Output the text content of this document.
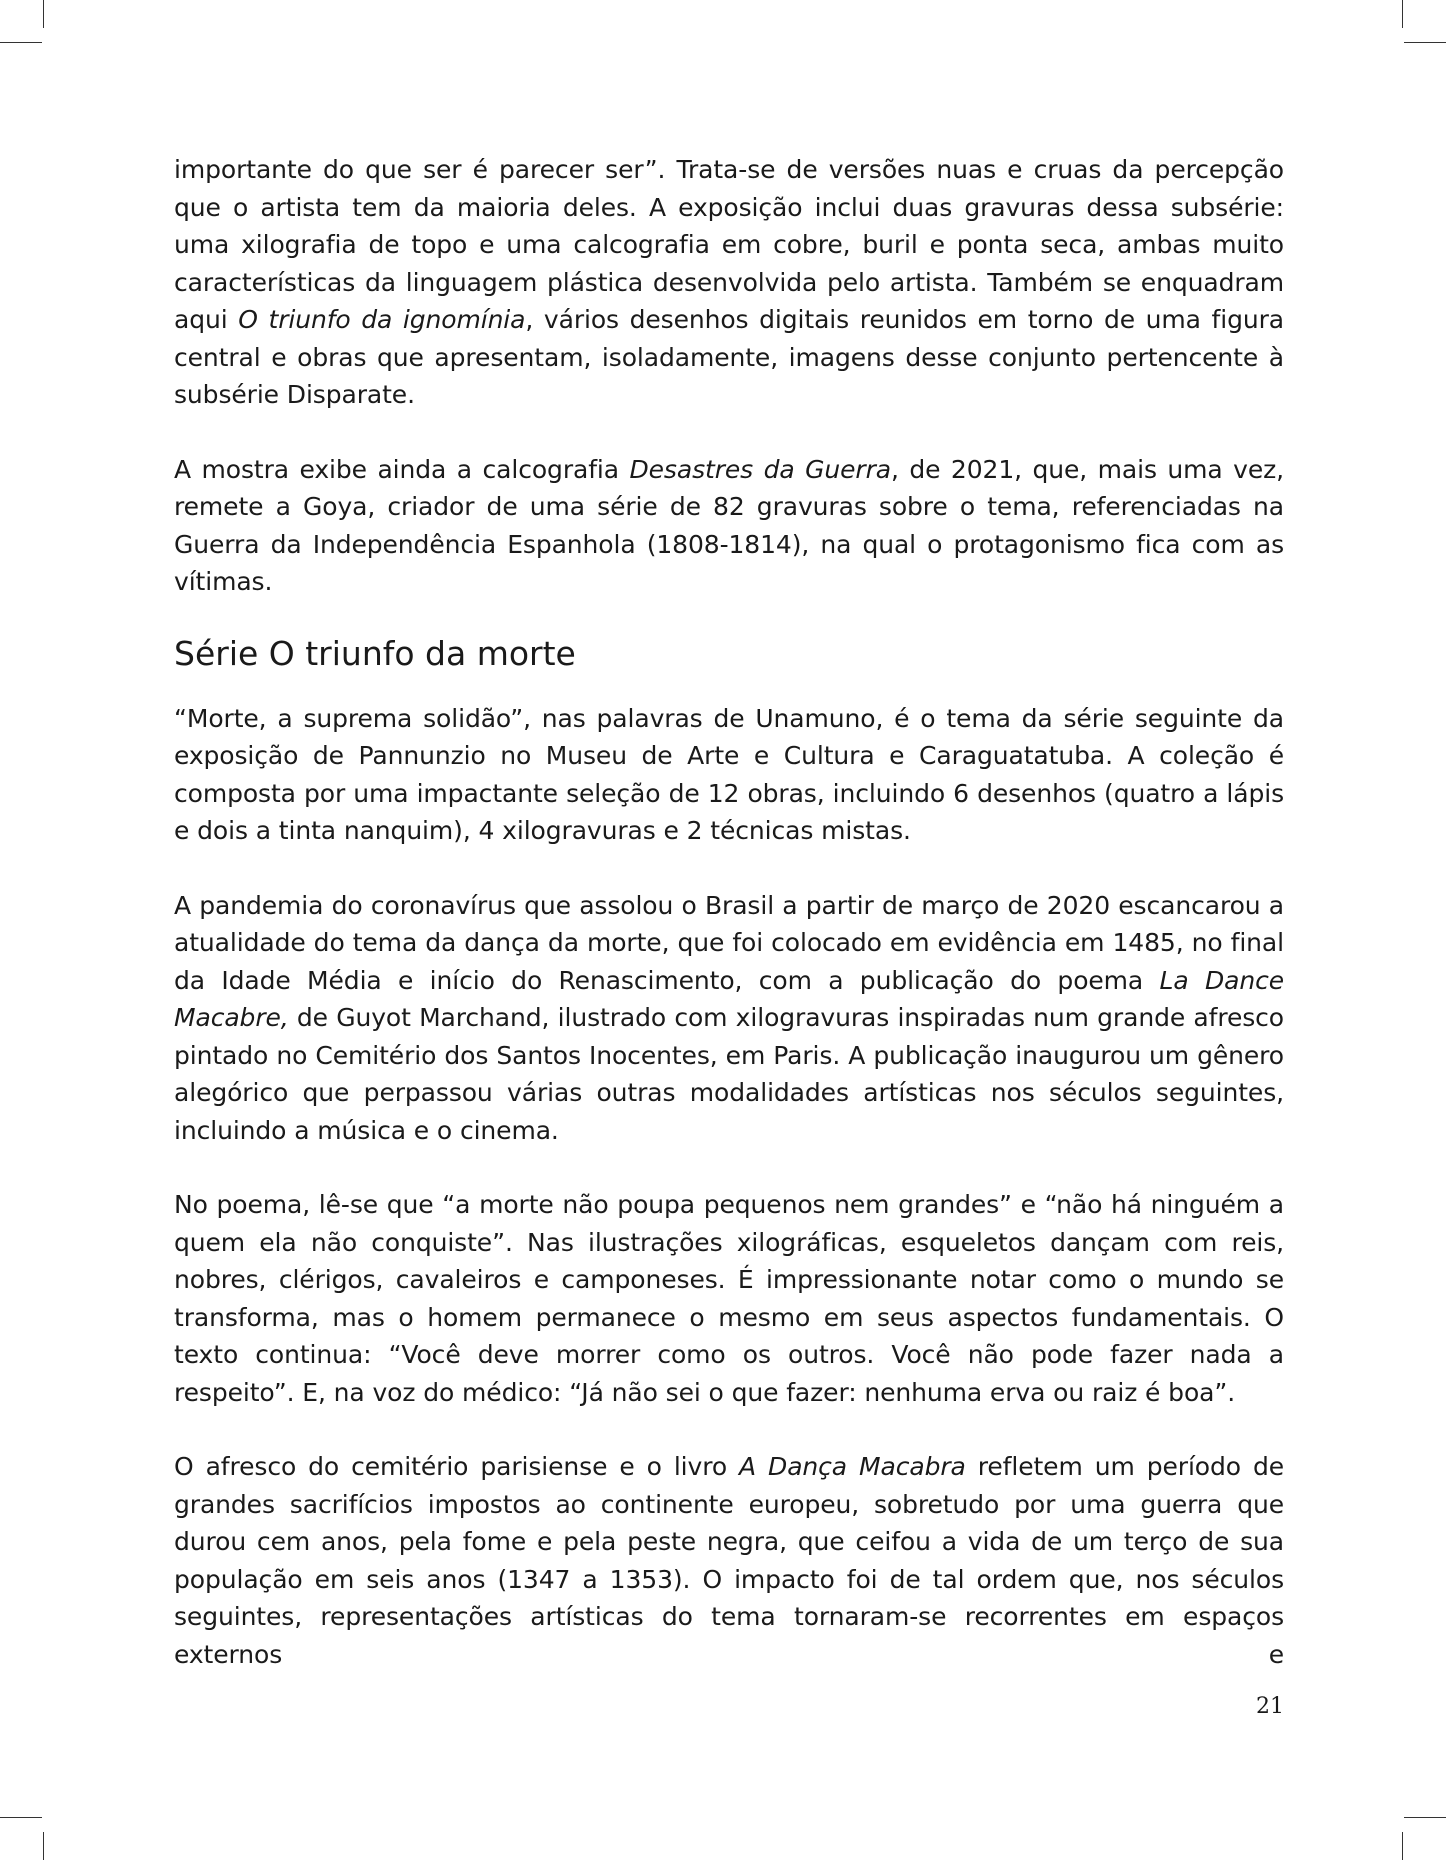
importante do que ser é parecer ser”. Trata-se de versões nuas e cruas da percepção que o artista tem da maioria deles. A exposição inclui duas gravuras dessa subsérie: uma xilografia de topo e uma calcografia em cobre, buril e ponta seca, ambas muito características da linguagem plástica desenvolvida pelo artista. Também se enquadram aqui O triunfo da ignomínia, vários desenhos digitais reunidos em torno de uma figura central e obras que apresentam, isoladamente, imagens desse conjunto pertencente à subsérie Disparate.

A mostra exibe ainda a calcografia Desastres da Guerra, de 2021, que, mais uma vez, remete a Goya, criador de uma série de 82 gravuras sobre o tema, referenciadas na Guerra da Independência Espanhola (1808-1814), na qual o protagonismo fica com as vítimas.

Série O triunfo da morte

“Morte, a suprema solidão”, nas palavras de Unamuno, é o tema da série seguinte da exposição de Pannunzio no Museu de Arte e Cultura e Caraguatatuba. A coleção é composta por uma impactante seleção de 12 obras, incluindo 6 desenhos (quatro a lápis e dois a tinta nanquim), 4 xilogravuras e 2 técnicas mistas.

A pandemia do coronavírus que assolou o Brasil a partir de março de 2020 escancarou a atualidade do tema da dança da morte, que foi colocado em evidência em 1485, no final da Idade Média e início do Renascimento, com a publicação do poema La Dance Macabre, de Guyot Marchand, ilustrado com xilogravuras inspiradas num grande afresco pintado no Cemitério dos Santos Inocentes, em Paris. A publicação inaugurou um gênero alegórico que perpassou várias outras modalidades artísticas nos séculos seguintes, incluindo a música e o cinema.

No poema, lê-se que “a morte não poupa pequenos nem grandes” e “não há ninguém a quem ela não conquiste”. Nas ilustrações xilográficas, esqueletos dançam com reis, nobres, clérigos, cavaleiros e camponeses. É impressionante notar como o mundo se transforma, mas o homem permanece o mesmo em seus aspectos fundamentais. O texto continua: “Você deve morrer como os outros. Você não pode fazer nada a respeito”. E, na voz do médico: “Já não sei o que fazer: nenhuma erva ou raiz é boa”.

O afresco do cemitério parisiense e o livro A Dança Macabra refletem um período de grandes sacrifícios impostos ao continente europeu, sobretudo por uma guerra que durou cem anos, pela fome e pela peste negra, que ceifou a vida de um terço de sua população em seis anos (1347 a 1353). O impacto foi de tal ordem que, nos séculos seguintes, representações artísticas do tema tornaram-se recorrentes em espaços externos e

21
